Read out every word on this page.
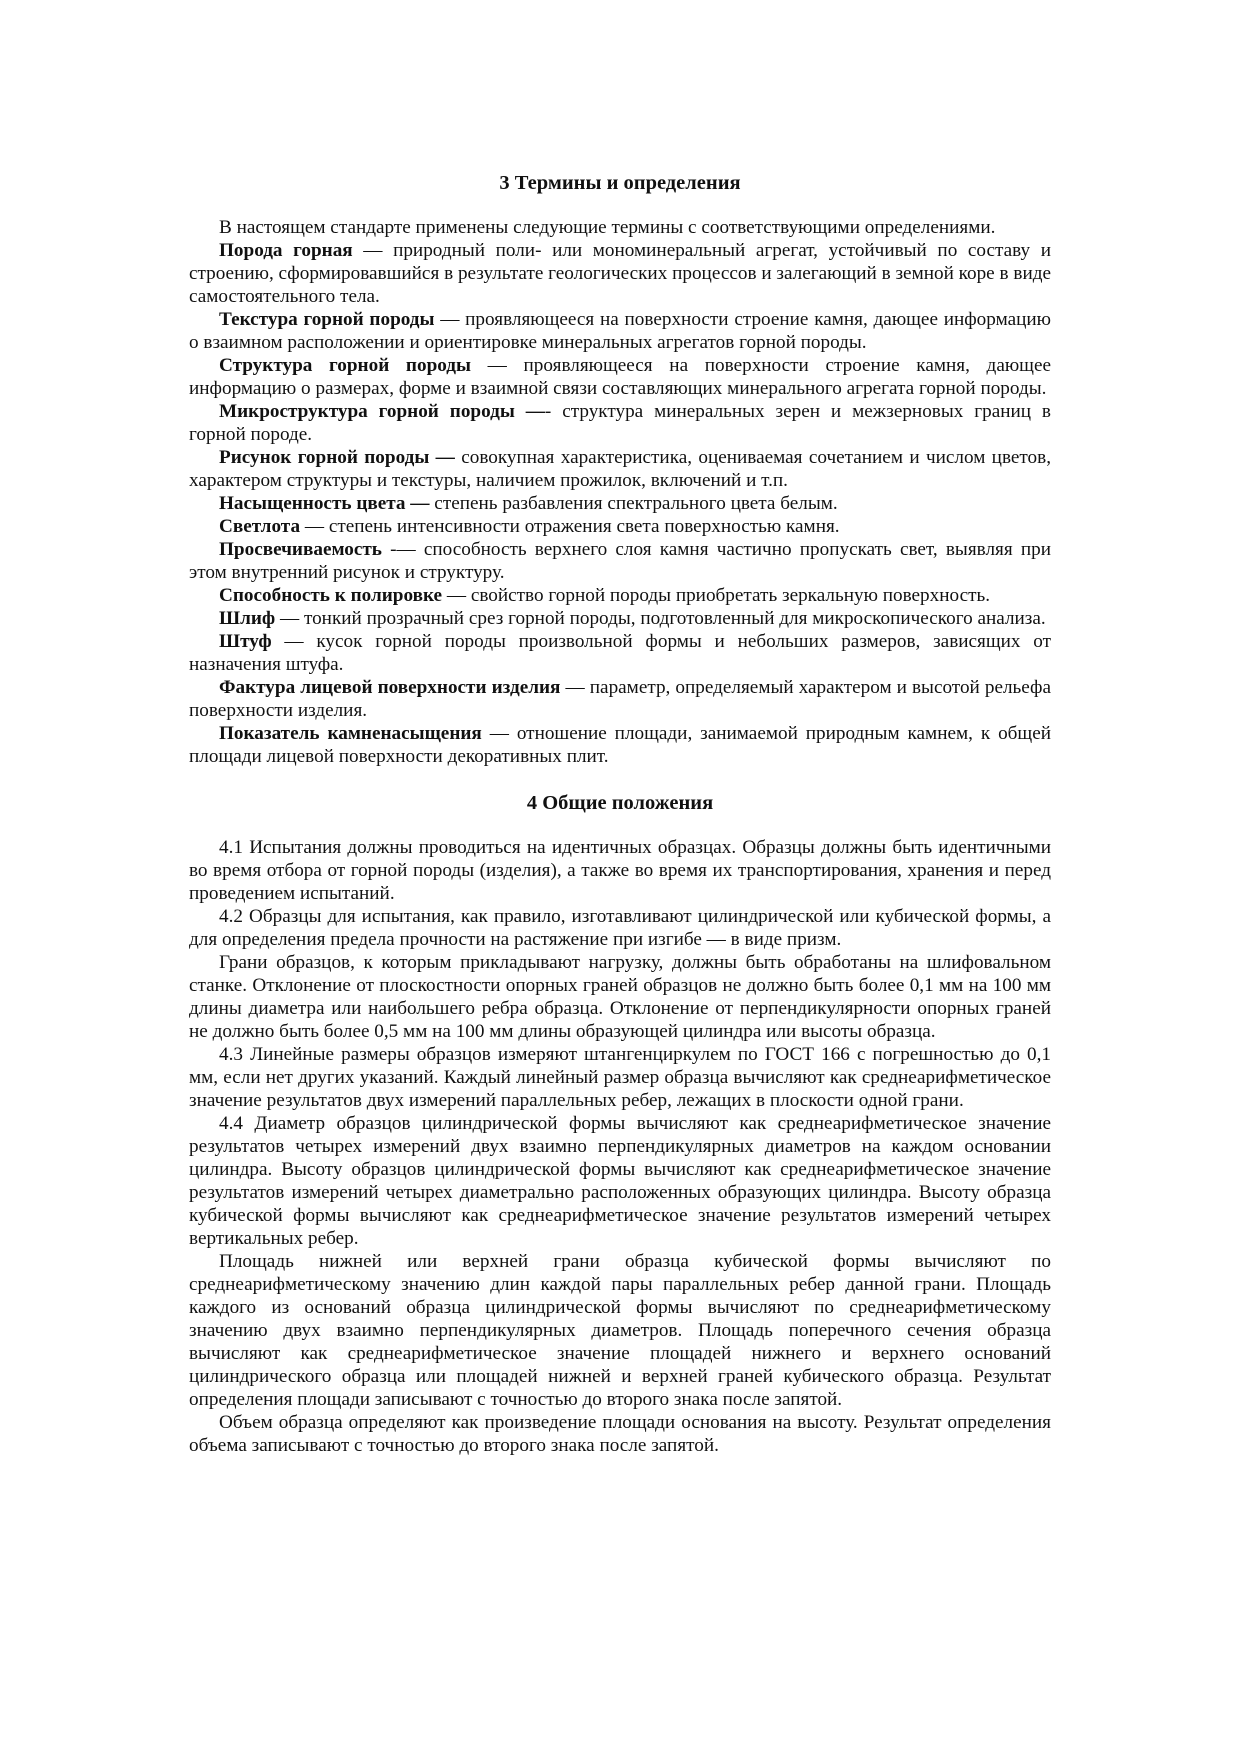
3 Термины и определения

В настоящем стандарте применены следующие термины с соответствующими определениями.

Порода горная — природный поли- или мономинеральный агрегат, устойчивый по составу и строению, сформировавшийся в результате геологических процессов и залегающий в земной коре в виде самостоятельного тела.

Текстура горной породы — проявляющееся на поверхности строение камня, дающее информацию о взаимном расположении и ориентировке минеральных агрегатов горной породы.

Структура горной породы — проявляющееся на поверхности строение камня, дающее информацию о размерах, форме и взаимной связи составляющих минерального агрегата горной породы.

Микроструктура горной породы —- структура минеральных зерен и межзерновых границ в горной породе.

Рисунок горной породы — совокупная характеристика, оцениваемая сочетанием и числом цветов, характером структуры и текстуры, наличием прожилок, включений и т.п.

Насыщенность цвета — степень разбавления спектрального цвета белым.

Светлота — степень интенсивности отражения света поверхностью камня.

Просвечиваемость -— способность верхнего слоя камня частично пропускать свет, выявляя при этом внутренний рисунок и структуру.

Способность к полировке — свойство горной породы приобретать зеркальную поверхность.

Шлиф — тонкий прозрачный срез горной породы, подготовленный для микроскопического анализа.

Штуф — кусок горной породы произвольной формы и небольших размеров, зависящих от назначения штуфа.

Фактура лицевой поверхности изделия — параметр, определяемый характером и высотой рельефа поверхности изделия.

Показатель камненасыщения — отношение площади, занимаемой природным камнем, к общей площади лицевой поверхности декоративных плит.

4 Общие положения

4.1 Испытания должны проводиться на идентичных образцах. Образцы должны быть идентичными во время отбора от горной породы (изделия), а также во время их транспортирования, хранения и перед проведением испытаний.

4.2 Образцы для испытания, как правило, изготавливают цилиндрической или кубической формы, а для определения предела прочности на растяжение при изгибе — в виде призм.

Грани образцов, к которым прикладывают нагрузку, должны быть обработаны на шлифовальном станке. Отклонение от плоскостности опорных граней образцов не должно быть более 0,1 мм на 100 мм длины диаметра или наибольшего ребра образца. Отклонение от перпендикулярности опорных граней не должно быть более 0,5 мм на 100 мм длины образующей цилиндра или высоты образца.

4.3 Линейные размеры образцов измеряют штангенциркулем по ГОСТ 166 с погрешностью до 0,1 мм, если нет других указаний. Каждый линейный размер образца вычисляют как среднеарифметическое значение результатов двух измерений параллельных ребер, лежащих в плоскости одной грани.

4.4 Диаметр образцов цилиндрической формы вычисляют как среднеарифметическое значение результатов четырех измерений двух взаимно перпендикулярных диаметров на каждом основании цилиндра. Высоту образцов цилиндрической формы вычисляют как среднеарифметическое значение результатов измерений четырех диаметрально расположенных образующих цилиндра. Высоту образца кубической формы вычисляют как среднеарифметическое значение результатов измерений четырех вертикальных ребер.

Площадь нижней или верхней грани образца кубической формы вычисляют по среднеарифметическому значению длин каждой пары параллельных ребер данной грани. Площадь каждого из оснований образца цилиндрической формы вычисляют по среднеарифметическому значению двух взаимно перпендикулярных диаметров. Площадь поперечного сечения образца вычисляют как среднеарифметическое значение площадей нижнего и верхнего оснований цилиндрического образца или площадей нижней и верхней граней кубического образца. Результат определения площади записывают с точностью до второго знака после запятой.

Объем образца определяют как произведение площади основания на высоту. Результат определения объема записывают с точностью до второго знака после запятой.
